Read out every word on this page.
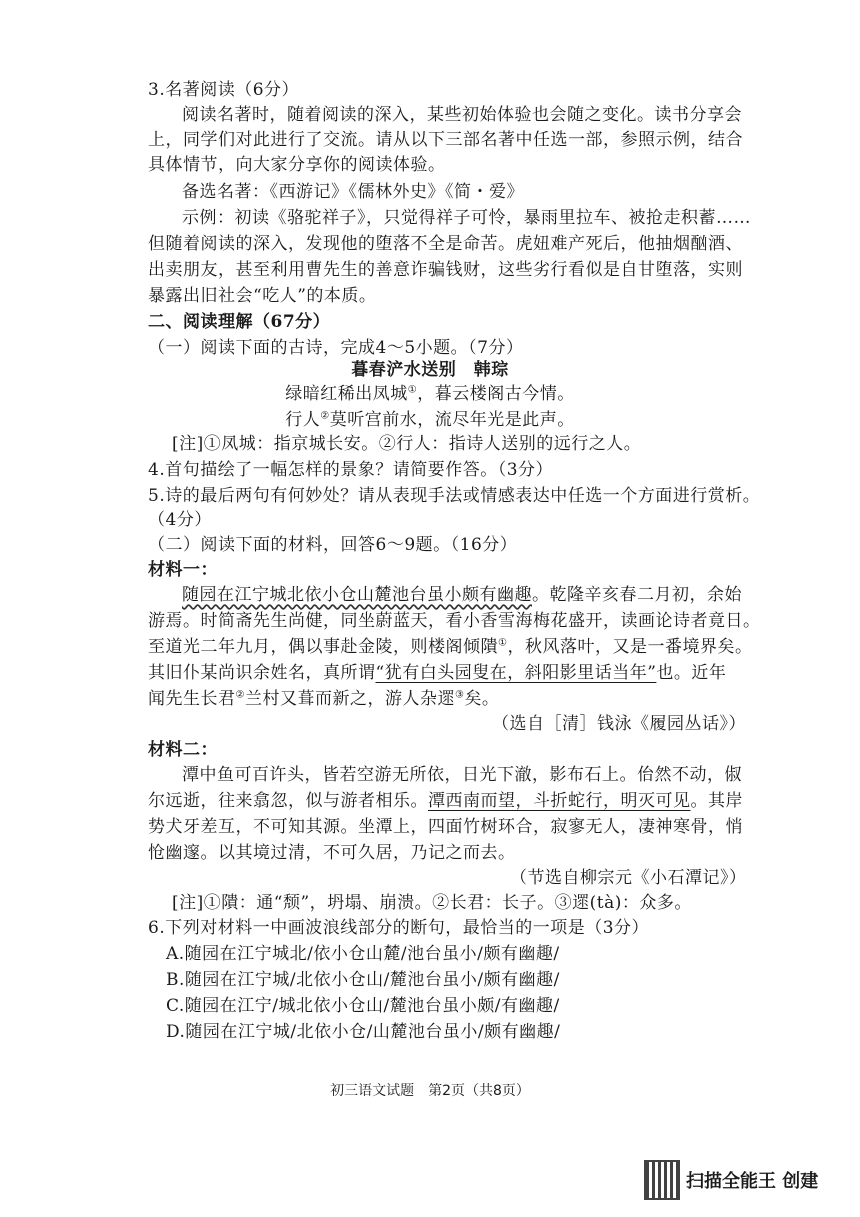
3.名著阅读（6分）
阅读名著时，随着阅读的深入，某些初始体验也会随之变化。读书分享会
上，同学们对此进行了交流。请从以下三部名著中任选一部，参照示例，结合
具体情节，向大家分享你的阅读体验。
备选名著：《西游记》《儒林外史》《简・爱》
示例：初读《骆驼祥子》，只觉得祥子可怜，暴雨里拉车、被抢走积蓄……
但随着阅读的深入，发现他的堕落不全是命苦。虎妞难产死后，他抽烟酗酒、
出卖朋友，甚至利用曹先生的善意诈骗钱财，这些劣行看似是自甘堕落，实则
暴露出旧社会“吃人”的本质。
二、阅读理解（67分）
（一）阅读下面的古诗，完成4～5小题。（7分）
暮春浐水送别　韩琮
绿暗红稀出凤城①，暮云楼阁古今情。
行人②莫听宫前水，流尽年光是此声。
[注]①凤城：指京城长安。②行人：指诗人送别的远行之人。
4.首句描绘了一幅怎样的景象？请简要作答。（3分）
5.诗的最后两句有何妙处？请从表现手法或情感表达中任选一个方面进行赏析。
（4分）
（二）阅读下面的材料，回答6～9题。（16分）
材料一：
随园在江宁城北依小仓山麓池台虽小颇有幽趣。乾隆辛亥春二月初，余始
游焉。时简斋先生尚健，同坐蔚蓝天，看小香雪海梅花盛开，读画论诗者竟日。
至道光二年九月，偶以事赴金陵，则楼阁倾隤①，秋风落叶，又是一番境界矣。
其旧仆某尚识余姓名，真所谓“犹有白头园叟在，斜阳影里话当年”也。近年
闻先生长君②兰村又葺而新之，游人杂遝③矣。
（选自［清］钱泳《履园丛话》）
材料二：
潭中鱼可百许头，皆若空游无所依，日光下澈，影布石上。佁然不动，俶
尔远逝，往来翕忽，似与游者相乐。潭西南而望，斗折蛇行，明灭可见。其岸
势犬牙差互，不可知其源。坐潭上，四面竹树环合，寂寥无人，凄神寒骨，悄
怆幽邃。以其境过清，不可久居，乃记之而去。
（节选自柳宗元《小石潭记》）
[注]①隤：通“颓”，坍塌、崩溃。②长君：长子。③遝(tà)：众多。
6.下列对材料一中画波浪线部分的断句，最恰当的一项是（3分）
A.随园在江宁城北/依小仓山麓/池台虽小/颇有幽趣/
B.随园在江宁城/北依小仓山/麓池台虽小/颇有幽趣/
C.随园在江宁/城北依小仓山/麓池台虽小颇/有幽趣/
D.随园在江宁城/北依小仓/山麓池台虽小/颇有幽趣/
初三语文试题　第2页（共8页）
扫描全能王 创建
